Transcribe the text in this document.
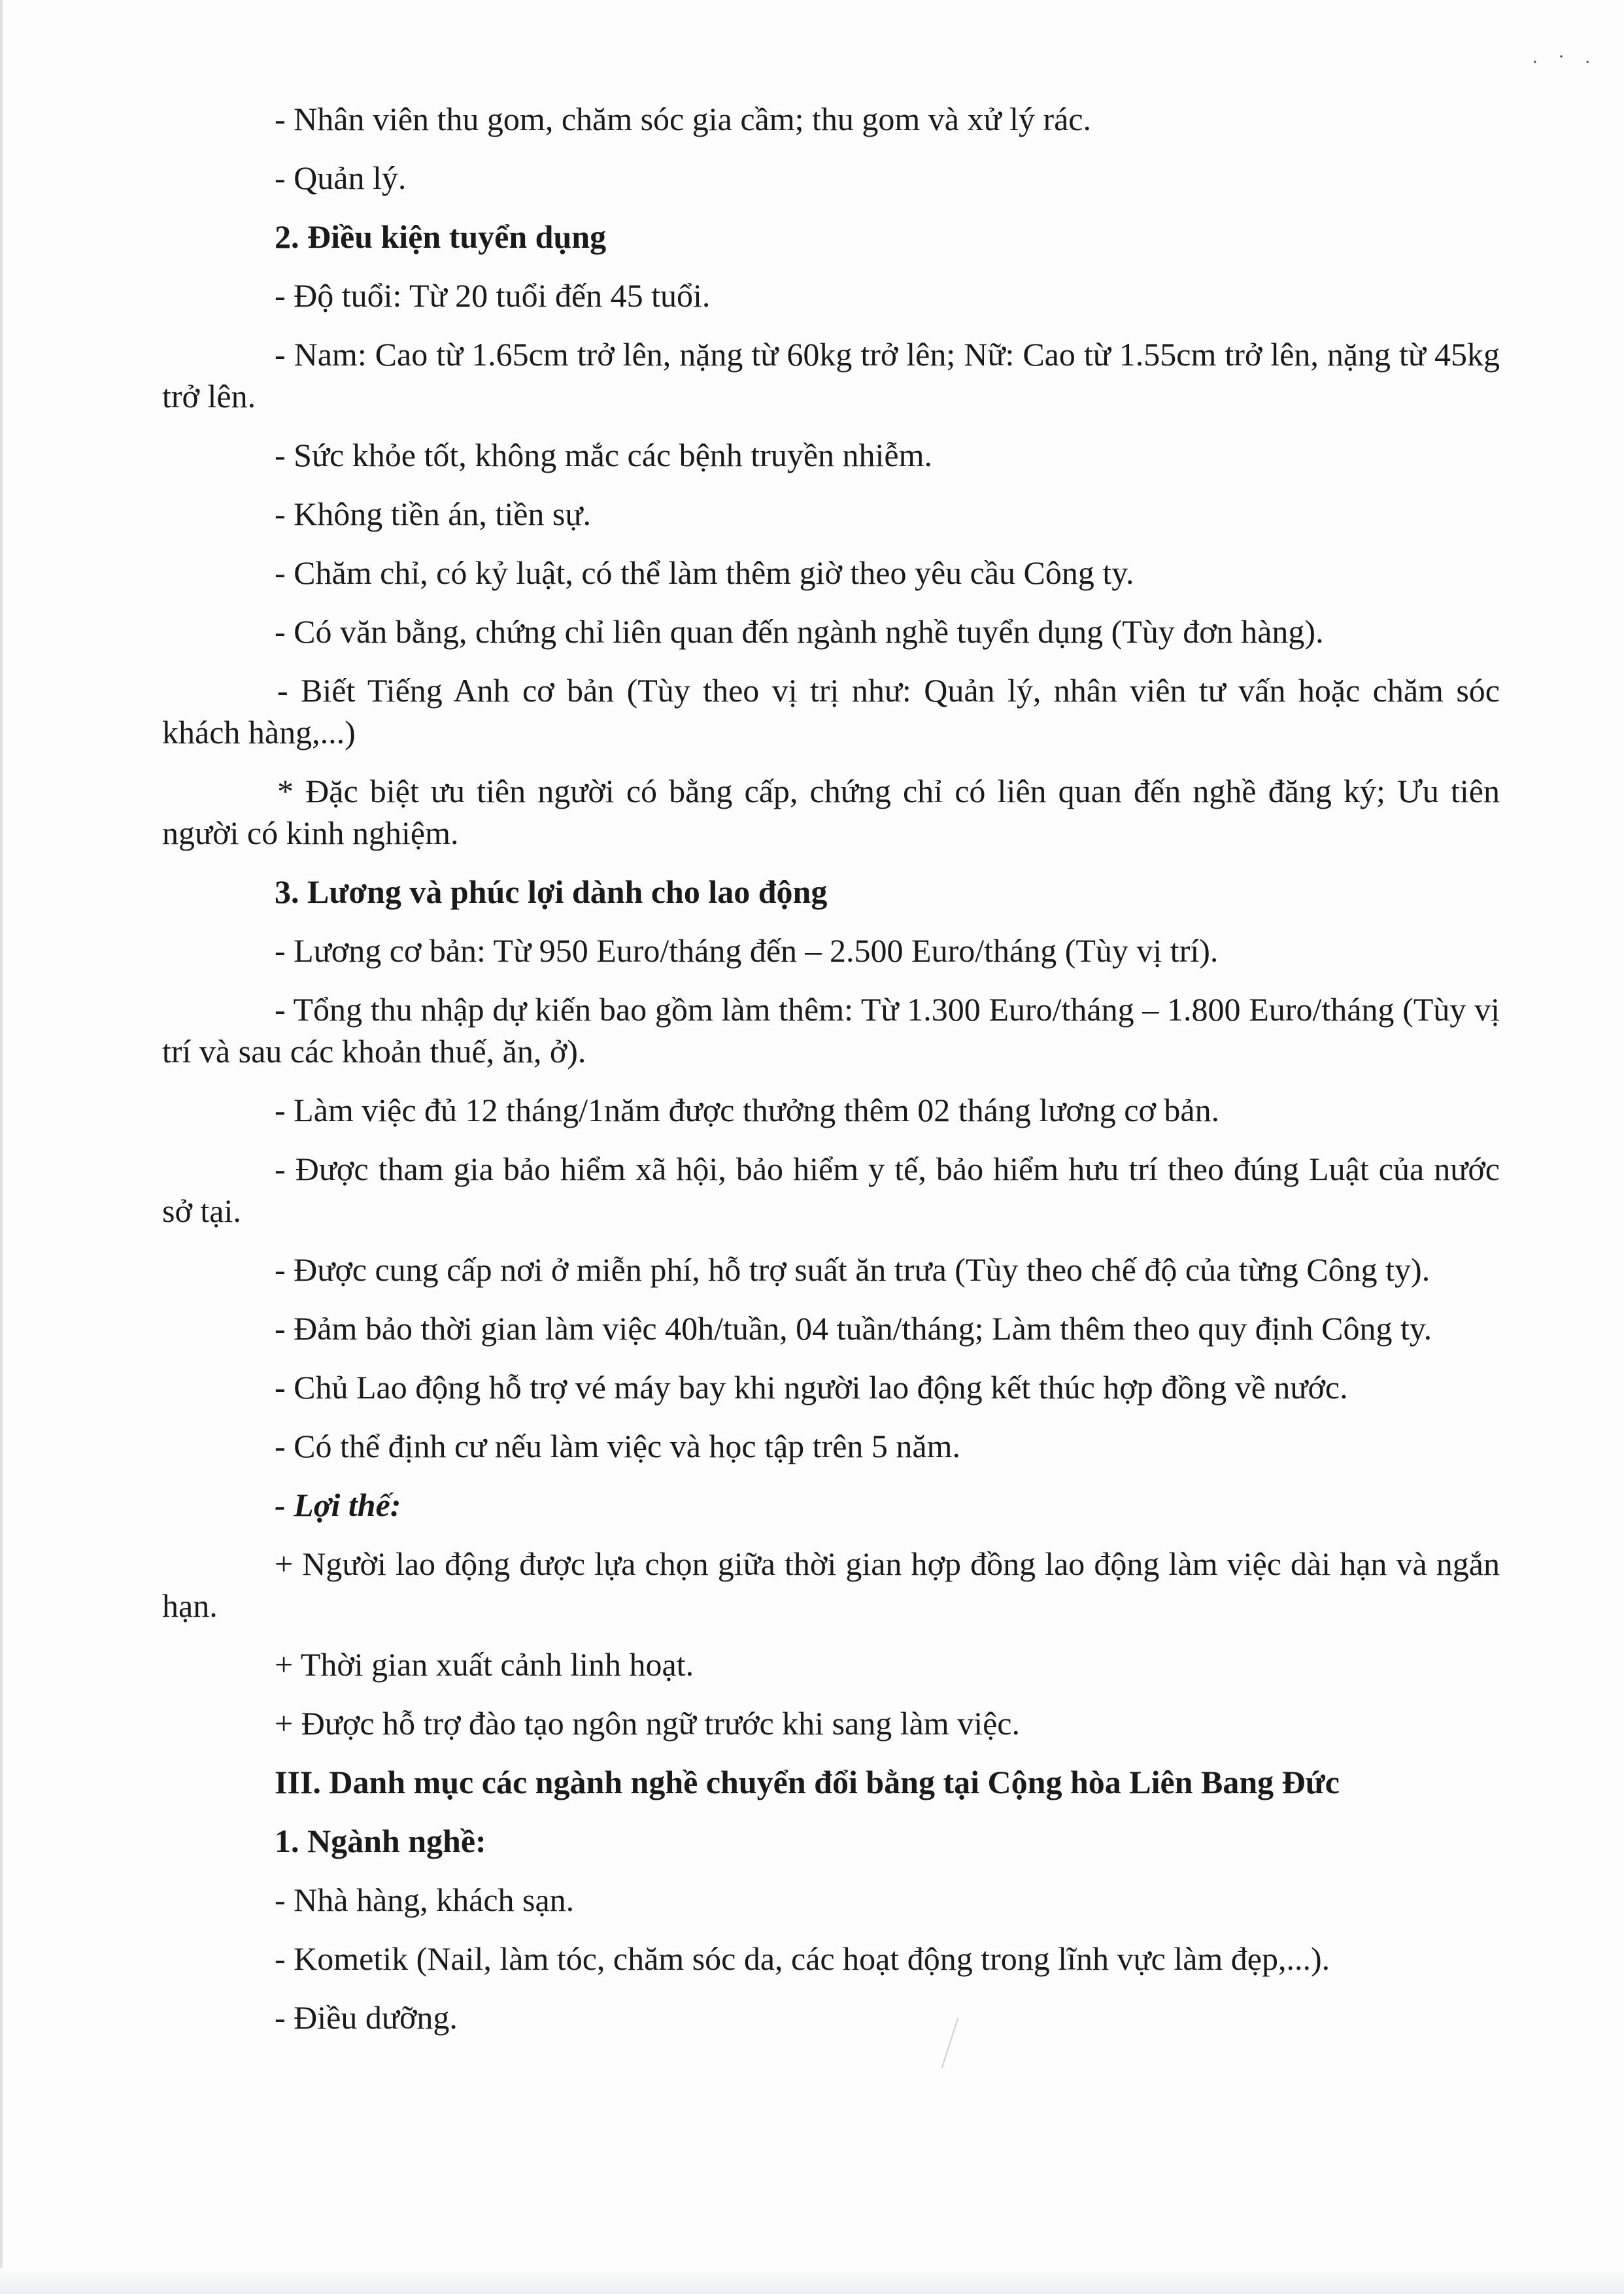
. · .

- Nhân viên thu gom, chăm sóc gia cầm; thu gom và xử lý rác.

- Quản lý.

2. Điều kiện tuyển dụng

- Độ tuổi: Từ 20 tuổi đến 45 tuổi.

- Nam: Cao từ 1.65cm trở lên, nặng từ 60kg trở lên; Nữ: Cao từ 1.55cm trở lên, nặng từ 45kg trở lên.

- Sức khỏe tốt, không mắc các bệnh truyền nhiễm.

- Không tiền án, tiền sự.

- Chăm chỉ, có kỷ luật, có thể làm thêm giờ theo yêu cầu Công ty.

- Có văn bằng, chứng chỉ liên quan đến ngành nghề tuyển dụng (Tùy đơn hàng).

- Biết Tiếng Anh cơ bản (Tùy theo vị trị như: Quản lý, nhân viên tư vấn hoặc chăm sóc khách hàng,...)

* Đặc biệt ưu tiên người có bằng cấp, chứng chỉ có liên quan đến nghề đăng ký; Ưu tiên người có kinh nghiệm.

3. Lương và phúc lợi dành cho lao động

- Lương cơ bản: Từ 950 Euro/tháng đến – 2.500 Euro/tháng (Tùy vị trí).

- Tổng thu nhập dự kiến bao gồm làm thêm: Từ 1.300 Euro/tháng – 1.800 Euro/tháng (Tùy vị trí và sau các khoản thuế, ăn, ở).

- Làm việc đủ 12 tháng/1năm được thưởng thêm 02 tháng lương cơ bản.

- Được tham gia bảo hiểm xã hội, bảo hiểm y tế, bảo hiểm hưu trí theo đúng Luật của nước sở tại.

- Được cung cấp nơi ở miễn phí, hỗ trợ suất ăn trưa (Tùy theo chế độ của từng Công ty).

- Đảm bảo thời gian làm việc 40h/tuần, 04 tuần/tháng; Làm thêm theo quy định Công ty.

- Chủ Lao động hỗ trợ vé máy bay khi người lao động kết thúc hợp đồng về nước.

- Có thể định cư nếu làm việc và học tập trên 5 năm.

- Lợi thế:

+ Người lao động được lựa chọn giữa thời gian hợp đồng lao động làm việc dài hạn và ngắn hạn.

+ Thời gian xuất cảnh linh hoạt.

+ Được hỗ trợ đào tạo ngôn ngữ trước khi sang làm việc.

III. Danh mục các ngành nghề chuyển đổi bằng tại Cộng hòa Liên Bang Đức

1. Ngành nghề:

- Nhà hàng, khách sạn.

- Kometik (Nail, làm tóc, chăm sóc da, các hoạt động trong lĩnh vực làm đẹp,...).

- Điều dưỡng.
